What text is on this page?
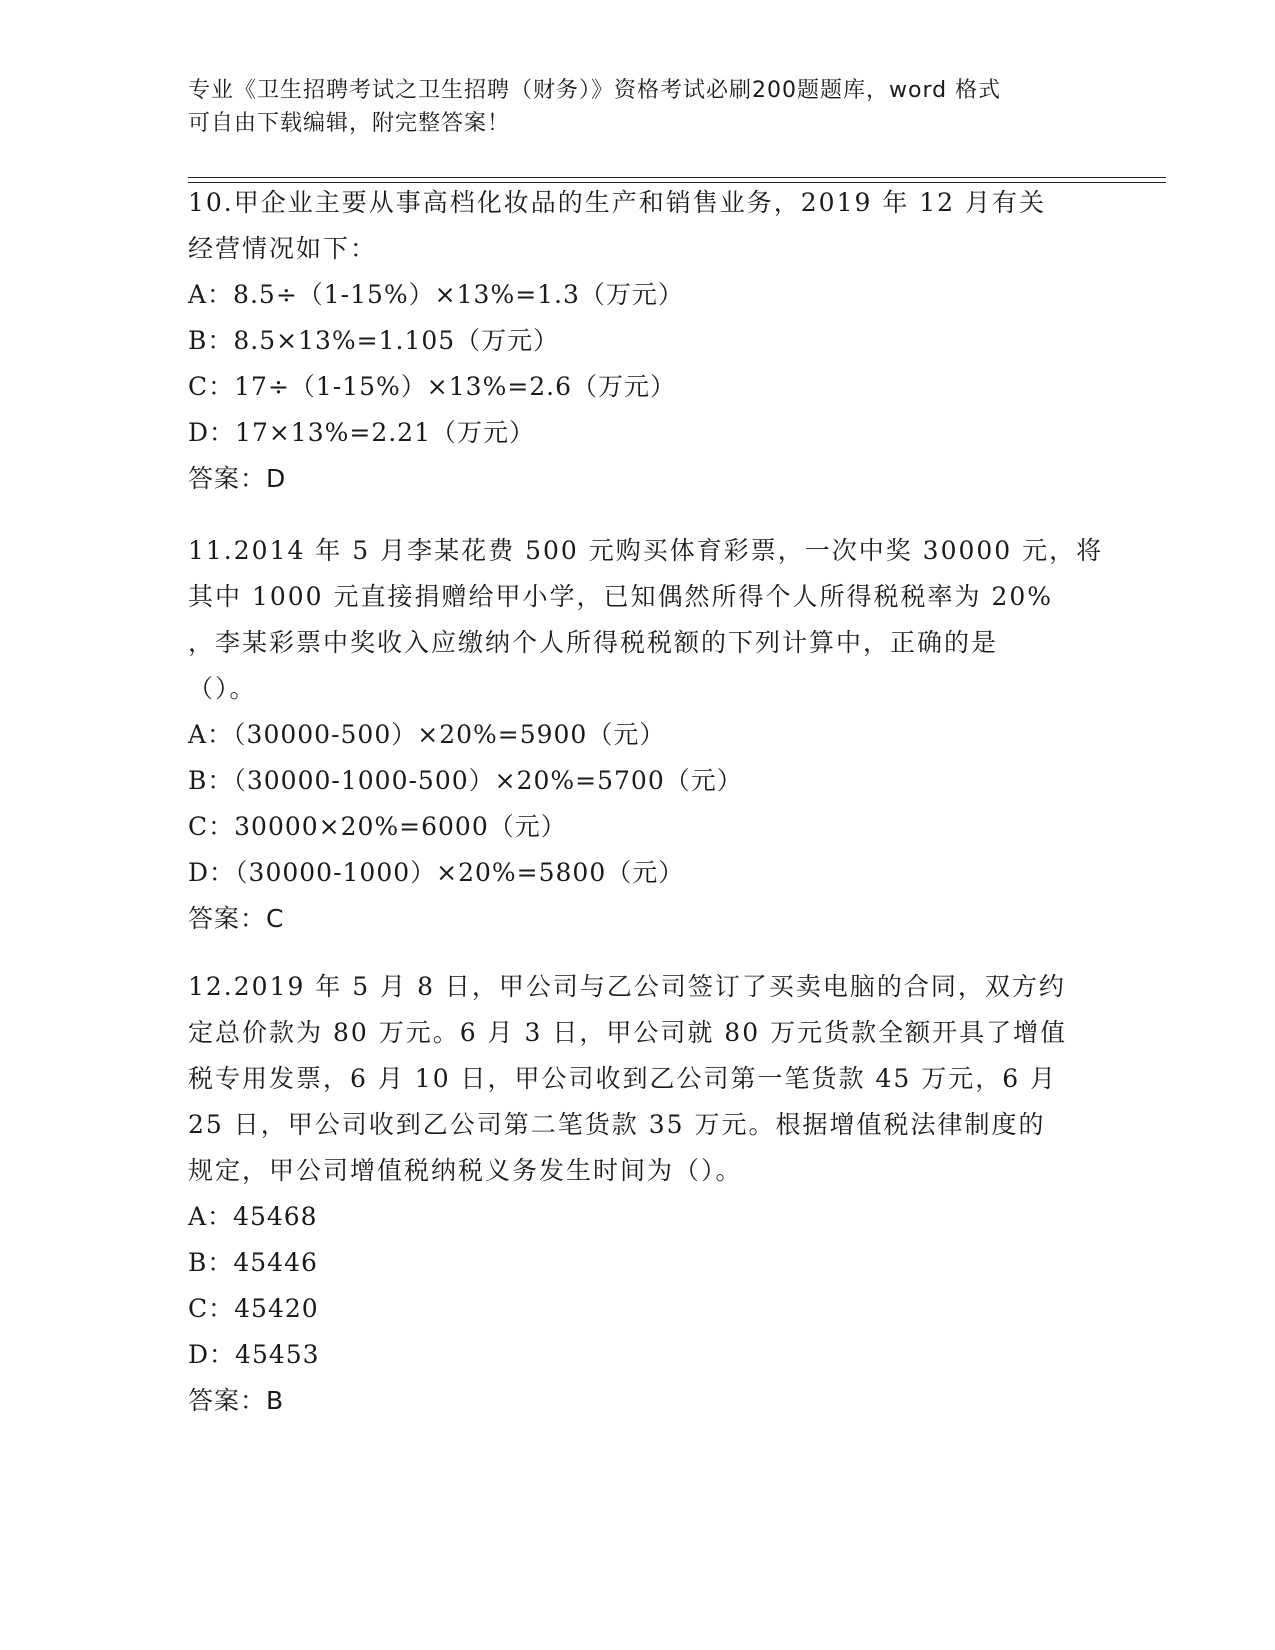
专业《卫生招聘考试之卫生招聘（财务）》资格考试必刷200题题库，word 格式
可自由下载编辑，附完整答案！
10.甲企业主要从事高档化妆品的生产和销售业务，2019 年 12 月有关
经营情况如下：
A：8.5÷（1-15%）×13%=1.3（万元）
B：8.5×13%=1.105（万元）
C：17÷（1-15%）×13%=2.6（万元）
D：17×13%=2.21（万元）
答案：D
11.2014 年 5 月李某花费 500 元购买体育彩票，一次中奖 30000 元，将
其中 1000 元直接捐赠给甲小学，已知偶然所得个人所得税税率为 20%
，李某彩票中奖收入应缴纳个人所得税税额的下列计算中，正确的是
（）。
A：（30000-500）×20%=5900（元）
B：（30000-1000-500）×20%=5700（元）
C：30000×20%=6000（元）
D：（30000-1000）×20%=5800（元）
答案：C
12.2019 年 5 月 8 日，甲公司与乙公司签订了买卖电脑的合同，双方约
定总价款为 80 万元。6 月 3 日，甲公司就 80 万元货款全额开具了增值
税专用发票，6 月 10 日，甲公司收到乙公司第一笔货款 45 万元，6 月
25 日，甲公司收到乙公司第二笔货款 35 万元。根据增值税法律制度的
规定，甲公司增值税纳税义务发生时间为（）。
A：45468
B：45446
C：45420
D：45453
答案：B
